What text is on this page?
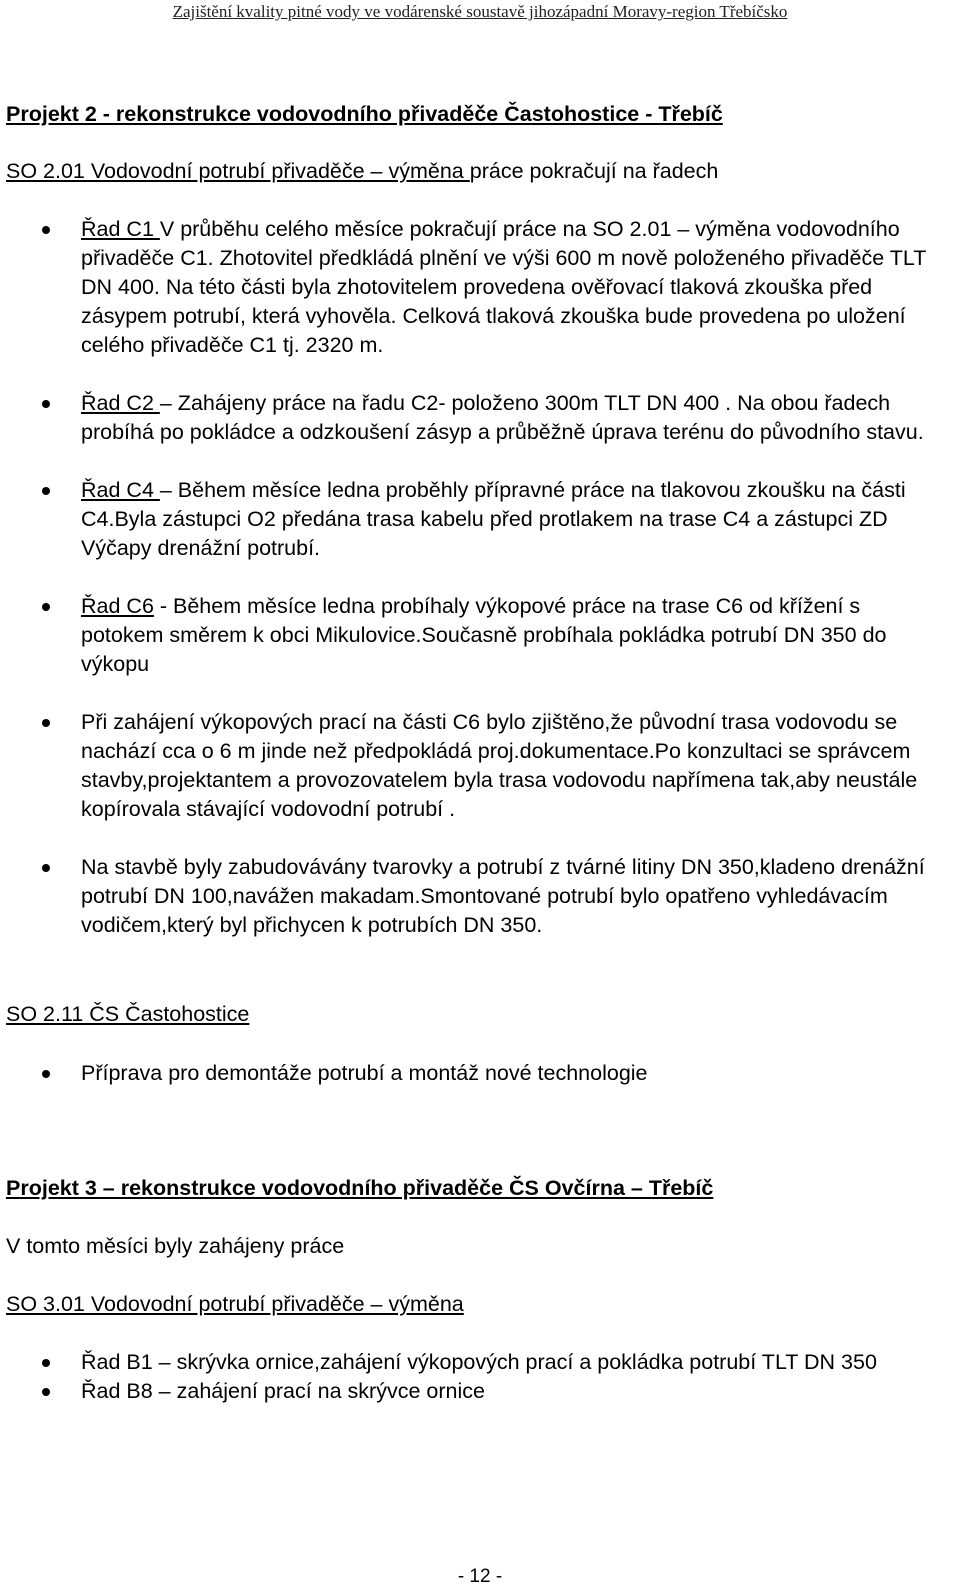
Zajištění kvality pitné vody ve vodárenské soustavě jihozápadní Moravy-region Třebíčsko
Projekt 2 - rekonstrukce vodovodního přivaděče Častohostice - Třebíč
SO 2.01 Vodovodní potrubí přivaděče – výměna práce pokračují na řadech
Řad C1 V průběhu celého měsíce pokračují práce na SO 2.01 – výměna vodovodního přivaděče C1. Zhotovitel předkládá plnění ve výši 600 m nově položeného přivaděče TLT DN 400. Na této části byla zhotovitelem provedena ověřovací tlaková zkouška před zásypem potrubí, která vyhověla. Celková tlaková zkouška bude provedena po uložení celého přivaděče C1 tj. 2320 m.
Řad C2 – Zahájeny práce na řadu C2- položeno 300m TLT DN 400 . Na obou řadech probíhá po pokládce a odzkoušení zásyp a průběžně úprava terénu do původního stavu.
Řad C4 – Během měsíce ledna proběhly přípravné práce na tlakovou zkoušku na části C4.Byla zástupci O2 předána trasa kabelu před protlakem na trase C4 a zástupci ZD Výčapy drenážní potrubí.
Řad C6 - Během měsíce ledna probíhaly výkopové práce na trase C6 od křížení s potokem směrem k obci Mikulovice.Současně probíhala pokládka potrubí DN 350 do výkopu
Při zahájení výkopových prací na části C6 bylo zjištěno,že původní trasa vodovodu se nachází cca o 6 m jinde než předpokládá proj.dokumentace.Po konzultaci se správcem stavby,projektantem a provozovatelem byla trasa vodovodu napřímena tak,aby neustále kopírovala stávající vodovodní potrubí .
Na stavbě byly zabudovávány tvarovky a potrubí z tvárné litiny DN 350,kladeno drenážní potrubí DN 100,navážen makadam.Smontované potrubí bylo opatřeno vyhledávacím vodičem,který byl přichycen k potrubích DN 350.
SO 2.11 ČS Častohostice
Příprava pro demontáže potrubí a montáž nové technologie
Projekt 3 – rekonstrukce vodovodního přivaděče ČS Ovčírna – Třebíč
V tomto měsíci byly zahájeny práce
SO 3.01 Vodovodní potrubí přivaděče – výměna
Řad B1 – skrývka ornice,zahájení výkopových prací a pokládka potrubí TLT DN 350
Řad B8 – zahájení prací na skrývce ornice
- 12 -
